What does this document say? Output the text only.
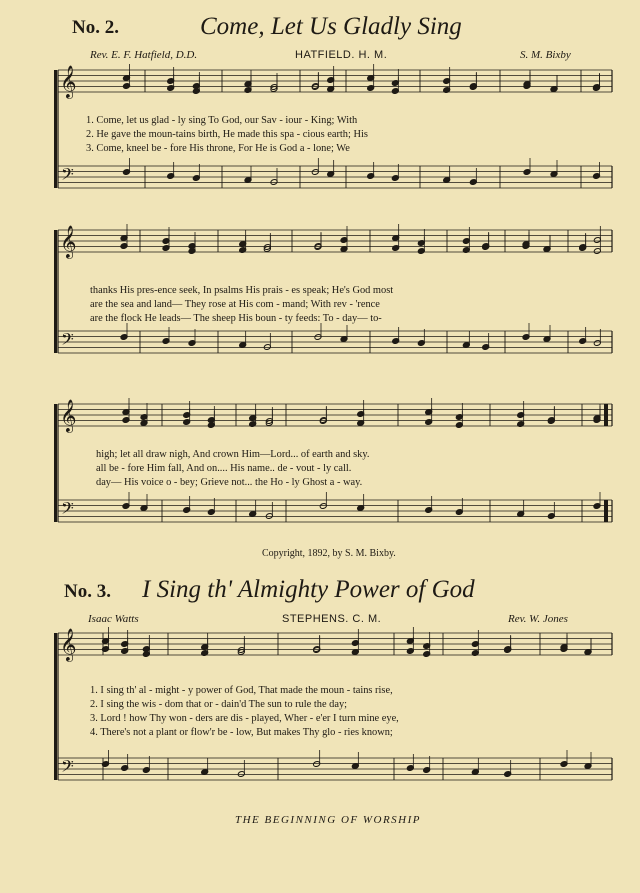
𝄞
𝄢
𝄞
𝄢
𝄞
𝄢
𝄞
𝄢
No. 2.	Come, Let Us Gladly Sing
Rev. E. F. Hatfield, D.D.	HATFIELD. H. M.	S. M. Bixby
1. Come, let us glad - ly sing To God, our Sav - iour - King; With
2. He gave the moun-tains birth, He made this spa - cious earth; His
3. Come, kneel be - fore His throne, For He is God a - lone; We
thanks His pres-ence seek, In psalms His prais - es speak; He's God most
are the sea and land— They rose at His com - mand; With rev - 'rence
are the flock He leads— The sheep His boun - ty feeds: To - day— to-
high; let all draw nigh, And crown Him—Lord... of earth and sky.
all be - fore Him fall, And on.... His name.. de - vout - ly call.
day— His voice o - bey; Grieve not... the Ho - ly Ghost a - way.
Copyright, 1892, by S. M. Bixby.
No. 3. I Sing th' Almighty Power of God
Isaac Watts	STEPHENS. C. M.	Rev. W. Jones
1. I sing th' al - might - y power of God, That made the moun - tains rise,
2. I sing the wis - dom that or - dain'd The sun to rule the day;
3. Lord ! how Thy won - ders are dis - played, Wher - e'er I turn mine eye,
4. There's not a plant or flow'r be - low, But makes Thy glo - ries known;
THE BEGINNING OF WORSHIP
